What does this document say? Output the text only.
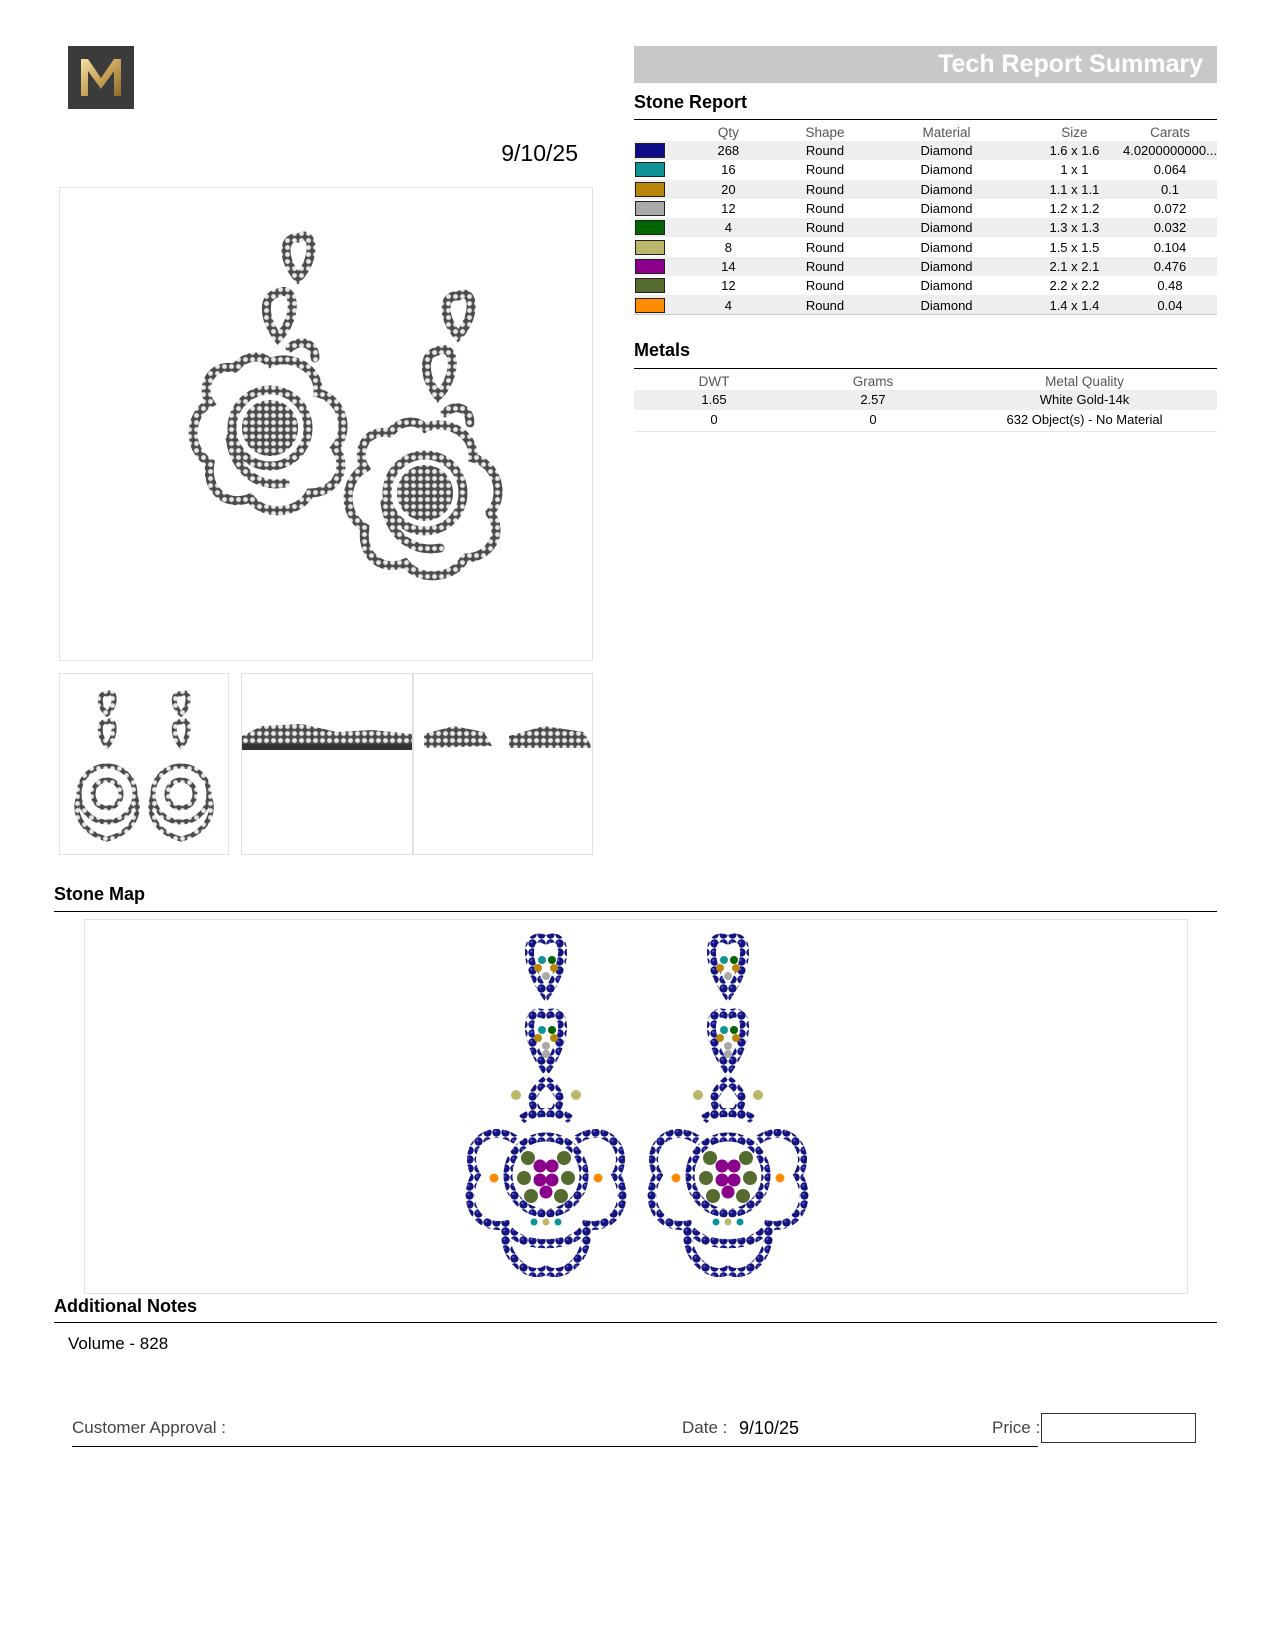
9/10/25
Tech Report Summary
Stone Report
	Qty	Shape	Material	Size	Carats

	268	Round	Diamond	1.6 x 1.6	4.0200000000...

	16	Round	Diamond	1 x 1	0.064

	20	Round	Diamond	1.1 x 1.1	0.1

	12	Round	Diamond	1.2 x 1.2	0.072

	4	Round	Diamond	1.3 x 1.3	0.032

	8	Round	Diamond	1.5 x 1.5	0.104

	14	Round	Diamond	2.1 x 2.1	0.476

	12	Round	Diamond	2.2 x 2.2	0.48

	4	Round	Diamond	1.4 x 1.4	0.04
Metals
DWT	Grams	Metal Quality
1.65	2.57	White Gold-14k
0	0	632 Object(s) - No Material
Stone Map
Additional Notes
Volume - 828
Customer Approval :	Date : 9/10/25	Price :
